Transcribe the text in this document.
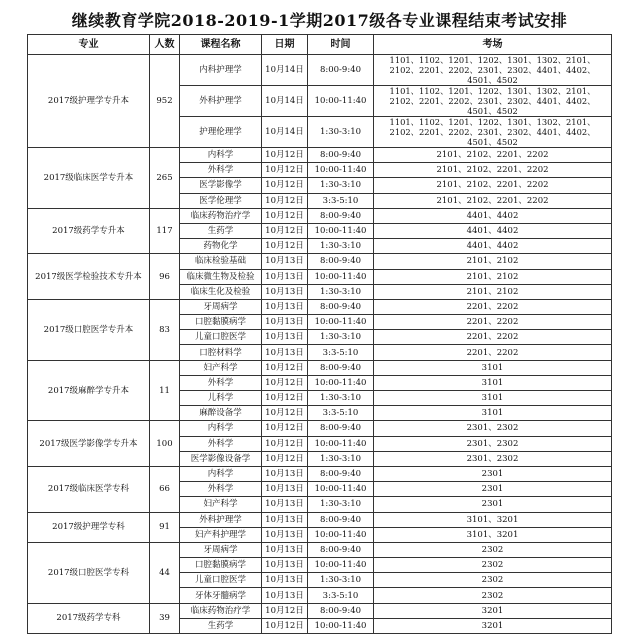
继续教育学院2018-2019-1学期2017级各专业课程结束考试安排
专业	人数	课程名称	日期	时间	考场
2017级护理学专升本	952	内科护理学	10月14日	8:00-9:40	1101、1102、1201、1202、1301、1302、2101、2102、2201、2202、2301、2302、4401、4402、4501、4502
		外科护理学	10月14日	10:00-11:40	1101、1102、1201、1202、1301、1302、2101、2102、2201、2202、2301、2302、4401、4402、4501、4502
		护理伦理学	10月14日	1:30-3:10	1101、1102、1201、1202、1301、1302、2101、2102、2201、2202、2301、2302、4401、4402、4501、4502
2017级临床医学专升本	265	内科学	10月12日	8:00-9:40	2101、2102、2201、2202
		外科学	10月12日	10:00-11:40	2101、2102、2201、2202
		医学影像学	10月12日	1:30-3:10	2101、2102、2201、2202
		医学伦理学	10月12日	3:3-5:10	2101、2102、2201、2202
2017级药学专升本	117	临床药物治疗学	10月12日	8:00-9:40	4401、4402
		生药学	10月12日	10:00-11:40	4401、4402
		药物化学	10月12日	1:30-3:10	4401、4402
2017级医学检验技术专升本	96	临床检验基础	10月13日	8:00-9:40	2101、2102
		临床微生物及检验	10月13日	10:00-11:40	2101、2102
		临床生化及检验	10月13日	1:30-3:10	2101、2102
2017级口腔医学专升本	83	牙周病学	10月13日	8:00-9:40	2201、2202
		口腔黏膜病学	10月13日	10:00-11:40	2201、2202
		儿童口腔医学	10月13日	1:30-3:10	2201、2202
		口腔材料学	10月13日	3:3-5:10	2201、2202
2017级麻醉学专升本	11	妇产科学	10月12日	8:00-9:40	3101
		外科学	10月12日	10:00-11:40	3101
		儿科学	10月12日	1:30-3:10	3101
		麻醉设备学	10月12日	3:3-5:10	3101
2017级医学影像学专升本	100	内科学	10月12日	8:00-9:40	2301、2302
		外科学	10月12日	10:00-11:40	2301、2302
		医学影像设备学	10月12日	1:30-3:10	2301、2302
2017级临床医学专科	66	内科学	10月13日	8:00-9:40	2301
		外科学	10月13日	10:00-11:40	2301
		妇产科学	10月13日	1:30-3:10	2301
2017级护理学专科	91	外科护理学	10月13日	8:00-9:40	3101、3201
		妇产科护理学	10月13日	10:00-11:40	3101、3201
2017级口腔医学专科	44	牙周病学	10月13日	8:00-9:40	2302
		口腔黏膜病学	10月13日	10:00-11:40	2302
		儿童口腔医学	10月13日	1:30-3:10	2302
		牙体牙髓病学	10月13日	3:3-5:10	2302
2017级药学专科	39	临床药物治疗学	10月12日	8:00-9:40	3201
		生药学	10月12日	10:00-11:40	3201
